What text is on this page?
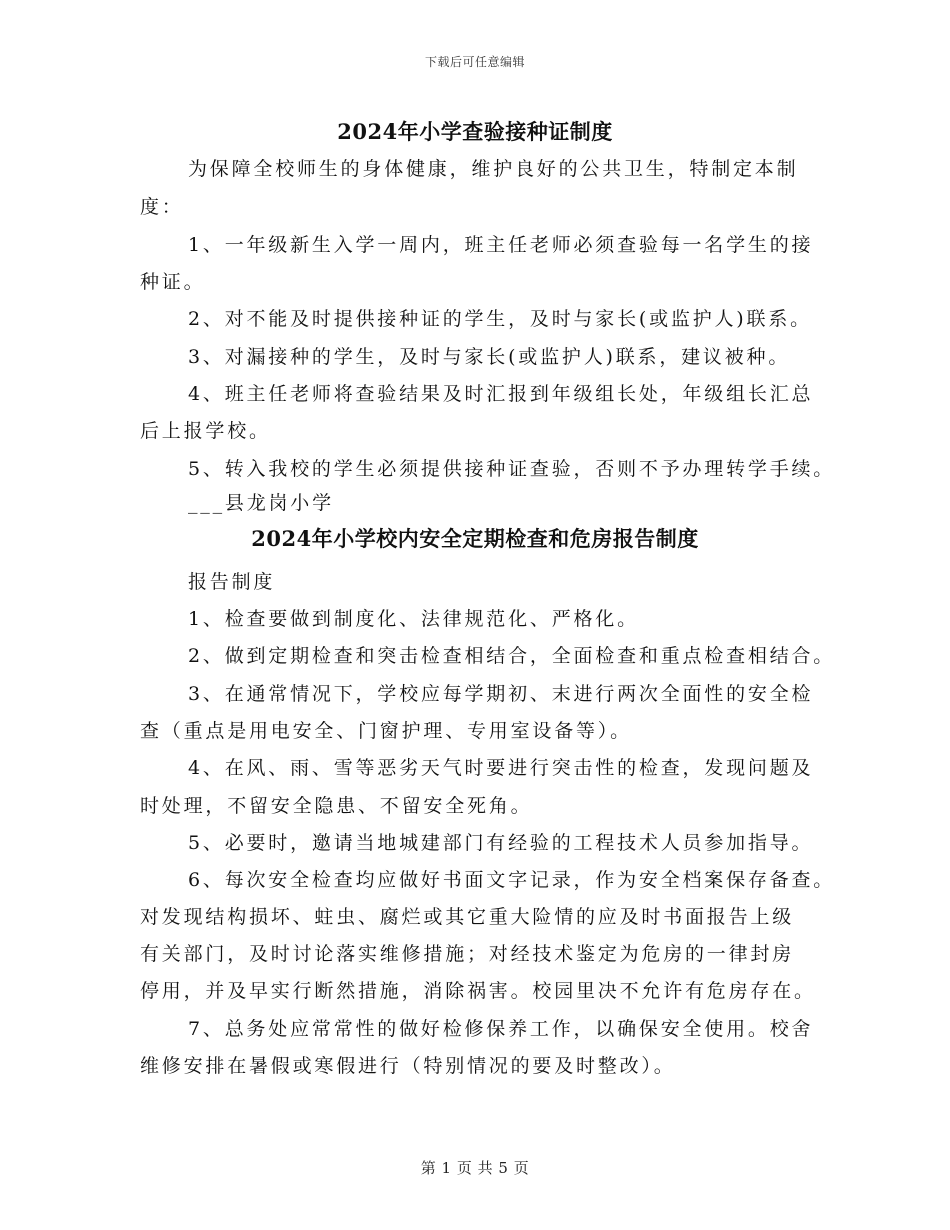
下载后可任意编辑
2024年小学查验接种证制度
为保障全校师生的身体健康，维护良好的公共卫生，特制定本制
度：
1、一年级新生入学一周内，班主任老师必须查验每一名学生的接
种证。
2、对不能及时提供接种证的学生，及时与家长(或监护人)联系。
3、对漏接种的学生，及时与家长(或监护人)联系，建议被种。
4、班主任老师将查验结果及时汇报到年级组长处，年级组长汇总
后上报学校。
5、转入我校的学生必须提供接种证查验，否则不予办理转学手续。
___县龙岗小学
2024年小学校内安全定期检查和危房报告制度
报告制度
1、检查要做到制度化、法律规范化、严格化。
2、做到定期检查和突击检查相结合，全面检查和重点检查相结合。
3、在通常情况下，学校应每学期初、末进行两次全面性的安全检
查（重点是用电安全、门窗护理、专用室设备等）。
4、在风、雨、雪等恶劣天气时要进行突击性的检查，发现问题及
时处理，不留安全隐患、不留安全死角。
5、必要时，邀请当地城建部门有经验的工程技术人员参加指导。
6、每次安全检查均应做好书面文字记录，作为安全档案保存备查。
对发现结构损坏、蛀虫、腐烂或其它重大险情的应及时书面报告上级
有关部门，及时讨论落实维修措施；对经技术鉴定为危房的一律封房
停用，并及早实行断然措施，消除祸害。校园里决不允许有危房存在。
7、总务处应常常性的做好检修保养工作，以确保安全使用。校舍
维修安排在暑假或寒假进行（特别情况的要及时整改）。
第 1 页 共 5 页
